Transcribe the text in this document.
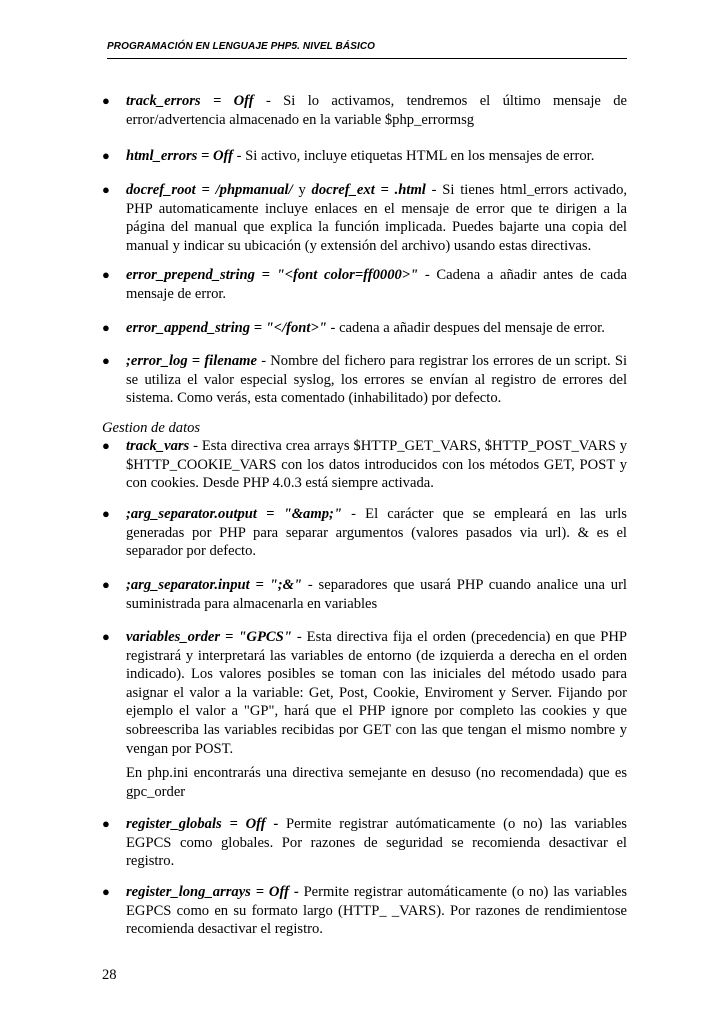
PROGRAMACIÓN EN LENGUAJE PHP5. NIVEL BÁSICO
● track_errors = Off - Si lo activamos, tendremos el último mensaje de error/advertencia almacenado en la variable $php_errormsg
● html_errors = Off - Si activo, incluye etiquetas HTML en los mensajes de error.
● docref_root = /phpmanual/ y docref_ext = .html - Si tienes html_errors activado, PHP automaticamente incluye enlaces en el mensaje de error que te dirigen a la página del manual que explica la función implicada. Puedes bajarte una copia del manual y indicar su ubicación (y extensión del archivo) usando estas directivas.
● error_prepend_string = "<font color=ff0000>" - Cadena a añadir antes de cada mensaje de error.
● error_append_string = "</font>" - cadena a añadir despues del mensaje de error.
● ;error_log = filename - Nombre del fichero para registrar los errores de un script. Si se utiliza el valor especial syslog, los errores se envían al registro de errores del sistema. Como verás, esta comentado (inhabilitado) por defecto.
Gestion de datos
● track_vars - Esta directiva crea arrays $HTTP_GET_VARS, $HTTP_POST_VARS y $HTTP_COOKIE_VARS con los datos introducidos con los métodos GET, POST y con cookies. Desde PHP 4.0.3 está siempre activada.
● ;arg_separator.output = "&amp;" - El carácter que se empleará en las urls generadas por PHP para separar argumentos (valores pasados via url). & es el separador por defecto.
● ;arg_separator.input = ";&" - separadores que usará PHP cuando analice una url suministrada para almacenarla en variables
● variables_order = "GPCS" - Esta directiva fija el orden (precedencia) en que PHP registrará y interpretará las variables de entorno (de izquierda a derecha en el orden indicado). Los valores posibles se toman con las iniciales del método usado para asignar el valor a la variable: Get, Post, Cookie, Enviroment y Server. Fijando por ejemplo el valor a "GP", hará que el PHP ignore por completo las cookies y que sobreescriba las variables recibidas por GET con las que tengan el mismo nombre y vengan por POST.
En php.ini encontrarás una directiva semejante en desuso (no recomendada) que es gpc_order
● register_globals = Off - Permite registrar autómaticamente (o no) las variables EGPCS como globales. Por razones de seguridad se recomienda desactivar el registro.
● register_long_arrays = Off - Permite registrar automáticamente (o no) las variables EGPCS como en su formato largo (HTTP_ _VARS). Por razones de rendimientose recomienda desactivar el registro.
28
